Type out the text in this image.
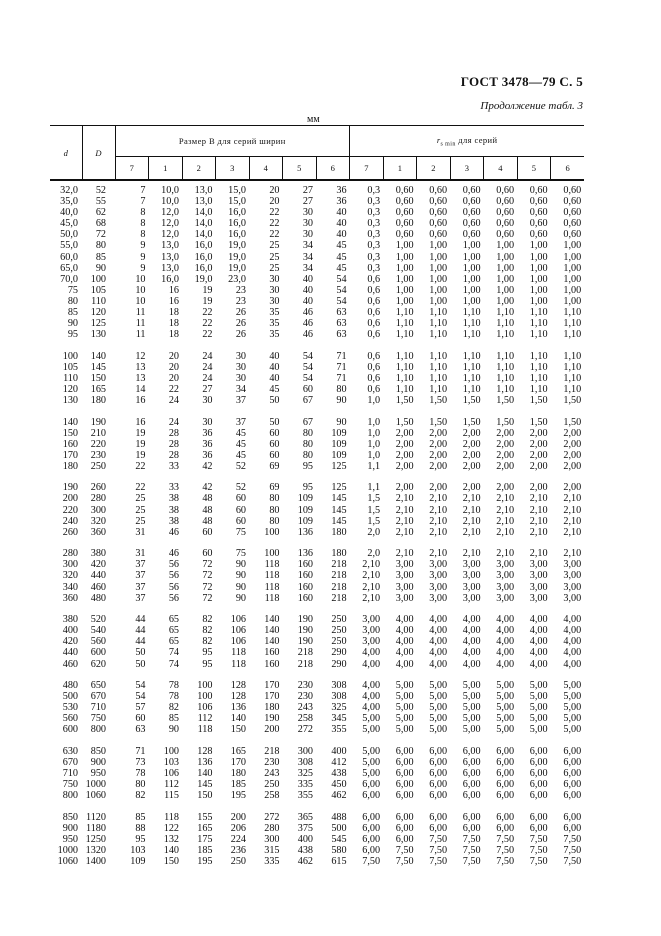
ГОСТ 3478—79 С. 5
Продолжение табл. 3
мм
d	D	Размер B для серий ширин							$r_{s min}$ для серий						
		7	1	2	3	4	5	6	7	1	2	3	4	5	6
32,0	52	7	10,0	13,0	15,0	20	27	36	0,3	0,60	0,60	0,60	0,60	0,60	0,60
35,0	55	7	10,0	13,0	15,0	20	27	36	0,3	0,60	0,60	0,60	0,60	0,60	0,60
40,0	62	8	12,0	14,0	16,0	22	30	40	0,3	0,60	0,60	0,60	0,60	0,60	0,60
45,0	68	8	12,0	14,0	16,0	22	30	40	0,3	0,60	0,60	0,60	0,60	0,60	0,60
50,0	72	8	12,0	14,0	16,0	22	30	40	0,3	0,60	0,60	0,60	0,60	0,60	0,60
55,0	80	9	13,0	16,0	19,0	25	34	45	0,3	1,00	1,00	1,00	1,00	1,00	1,00
60,0	85	9	13,0	16,0	19,0	25	34	45	0,3	1,00	1,00	1,00	1,00	1,00	1,00
65,0	90	9	13,0	16,0	19,0	25	34	45	0,3	1,00	1,00	1,00	1,00	1,00	1,00
70,0	100	10	16,0	19,0	23,0	30	40	54	0,6	1,00	1,00	1,00	1,00	1,00	1,00
75	105	10	16	19	23	30	40	54	0,6	1,00	1,00	1,00	1,00	1,00	1,00
80	110	10	16	19	23	30	40	54	0,6	1,00	1,00	1,00	1,00	1,00	1,00
85	120	11	18	22	26	35	46	63	0,6	1,10	1,10	1,10	1,10	1,10	1,10
90	125	11	18	22	26	35	46	63	0,6	1,10	1,10	1,10	1,10	1,10	1,10
95	130	11	18	22	26	35	46	63	0,6	1,10	1,10	1,10	1,10	1,10	1,10

100	140	12	20	24	30	40	54	71	0,6	1,10	1,10	1,10	1,10	1,10	1,10
105	145	13	20	24	30	40	54	71	0,6	1,10	1,10	1,10	1,10	1,10	1,10
110	150	13	20	24	30	40	54	71	0,6	1,10	1,10	1,10	1,10	1,10	1,10
120	165	14	22	27	34	45	60	80	0,6	1,10	1,10	1,10	1,10	1,10	1,10
130	180	16	24	30	37	50	67	90	1,0	1,50	1,50	1,50	1,50	1,50	1,50

140	190	16	24	30	37	50	67	90	1,0	1,50	1,50	1,50	1,50	1,50	1,50
150	210	19	28	36	45	60	80	109	1,0	2,00	2,00	2,00	2,00	2,00	2,00
160	220	19	28	36	45	60	80	109	1,0	2,00	2,00	2,00	2,00	2,00	2,00
170	230	19	28	36	45	60	80	109	1,0	2,00	2,00	2,00	2,00	2,00	2,00
180	250	22	33	42	52	69	95	125	1,1	2,00	2,00	2,00	2,00	2,00	2,00

190	260	22	33	42	52	69	95	125	1,1	2,00	2,00	2,00	2,00	2,00	2,00
200	280	25	38	48	60	80	109	145	1,5	2,10	2,10	2,10	2,10	2,10	2,10
220	300	25	38	48	60	80	109	145	1,5	2,10	2,10	2,10	2,10	2,10	2,10
240	320	25	38	48	60	80	109	145	1,5	2,10	2,10	2,10	2,10	2,10	2,10
260	360	31	46	60	75	100	136	180	2,0	2,10	2,10	2,10	2,10	2,10	2,10

280	380	31	46	60	75	100	136	180	2,0	2,10	2,10	2,10	2,10	2,10	2,10
300	420	37	56	72	90	118	160	218	2,10	3,00	3,00	3,00	3,00	3,00	3,00
320	440	37	56	72	90	118	160	218	2,10	3,00	3,00	3,00	3,00	3,00	3,00
340	460	37	56	72	90	118	160	218	2,10	3,00	3,00	3,00	3,00	3,00	3,00
360	480	37	56	72	90	118	160	218	2,10	3,00	3,00	3,00	3,00	3,00	3,00

380	520	44	65	82	106	140	190	250	3,00	4,00	4,00	4,00	4,00	4,00	4,00
400	540	44	65	82	106	140	190	250	3,00	4,00	4,00	4,00	4,00	4,00	4,00
420	560	44	65	82	106	140	190	250	3,00	4,00	4,00	4,00	4,00	4,00	4,00
440	600	50	74	95	118	160	218	290	4,00	4,00	4,00	4,00	4,00	4,00	4,00
460	620	50	74	95	118	160	218	290	4,00	4,00	4,00	4,00	4,00	4,00	4,00

480	650	54	78	100	128	170	230	308	4,00	5,00	5,00	5,00	5,00	5,00	5,00
500	670	54	78	100	128	170	230	308	4,00	5,00	5,00	5,00	5,00	5,00	5,00
530	710	57	82	106	136	180	243	325	4,00	5,00	5,00	5,00	5,00	5,00	5,00
560	750	60	85	112	140	190	258	345	5,00	5,00	5,00	5,00	5,00	5,00	5,00
600	800	63	90	118	150	200	272	355	5,00	5,00	5,00	5,00	5,00	5,00	5,00

630	850	71	100	128	165	218	300	400	5,00	6,00	6,00	6,00	6,00	6,00	6,00
670	900	73	103	136	170	230	308	412	5,00	6,00	6,00	6,00	6,00	6,00	6,00
710	950	78	106	140	180	243	325	438	5,00	6,00	6,00	6,00	6,00	6,00	6,00
750	1000	80	112	145	185	250	335	450	6,00	6,00	6,00	6,00	6,00	6,00	6,00
800	1060	82	115	150	195	258	355	462	6,00	6,00	6,00	6,00	6,00	6,00	6,00

850	1120	85	118	155	200	272	365	488	6,00	6,00	6,00	6,00	6,00	6,00	6,00
900	1180	88	122	165	206	280	375	500	6,00	6,00	6,00	6,00	6,00	6,00	6,00
950	1250	95	132	175	224	300	400	545	6,00	6,00	7,50	7,50	7,50	7,50	7,50
1000	1320	103	140	185	236	315	438	580	6,00	7,50	7,50	7,50	7,50	7,50	7,50
1060	1400	109	150	195	250	335	462	615	7,50	7,50	7,50	7,50	7,50	7,50	7,50
